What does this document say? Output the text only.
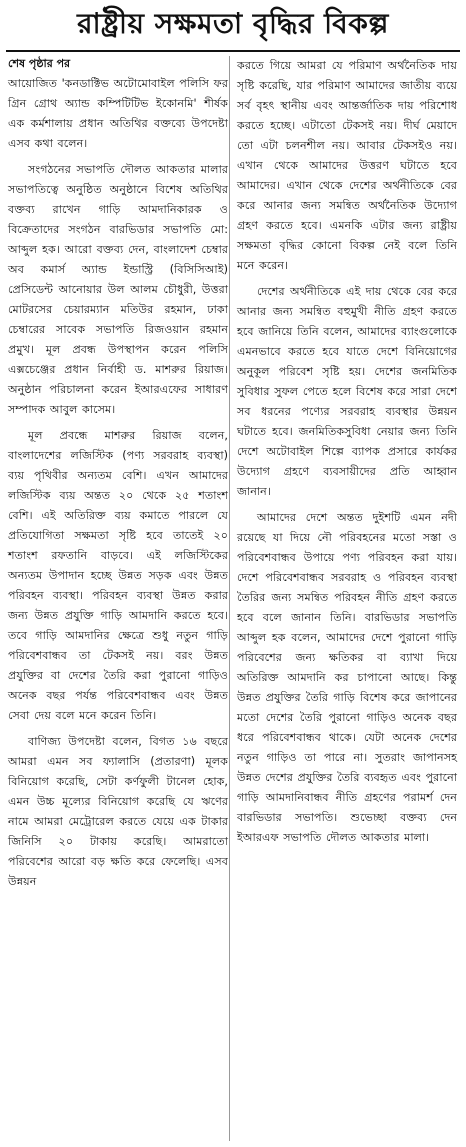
রাষ্ট্রীয় সক্ষমতা বৃদ্ধির বিকল্প
শেষ পৃষ্ঠার পর

আয়োজিত 'কনডাক্টিভ অটোমোবাইল পলিসি ফর গ্রিন গ্রোথ অ্যান্ড কম্পিটিটিভ ইকোনমি' শীর্ষক এক কর্মশালায় প্রধান অতিথির বক্তব্যে উপদেষ্টা এসব কথা বলেন।

সংগঠনের সভাপতি দৌলত আকতার মালার সভাপতিত্বে অনুষ্ঠিত অনুষ্ঠানে বিশেষ অতিথির বক্তব্য রাখেন গাড়ি আমদানিকারক ও বিক্রেতাদের সংগঠন বারভিডার সভাপতি মো: আব্দুল হক। আরো বক্তব্য দেন, বাংলাদেশ চেম্বার অব কমার্স অ্যান্ড ইন্ডাস্ট্রি (বিসিসিআই) প্রেসিডেন্ট আনোয়ার উল আলম চৌধুরী, উত্তরা মোটরসের চেয়ারম্যান মতিউর রহমান, ঢাকা চেম্বারের সাবেক সভাপতি রিজওয়ান রহমান প্রমুখ। মূল প্রবন্ধ উপস্থাপন করেন পলিসি এক্সচেঞ্জের প্রধান নির্বাহী ড. মাশরুর রিয়াজ। অনুষ্ঠান পরিচালনা করেন ইআরএফের সাধারণ সম্পাদক আবুল কাসেম।

মূল প্রবন্ধে মাশরুর রিয়াজ বলেন, বাংলাদেশের লজিস্টিক (পণ্য সরবরাহ ব্যবস্থা) ব্যয় পৃথিবীর অন্যতম বেশি। এখন আমাদের লজিস্টিক ব্যয় অন্তত ২০ থেকে ২৫ শতাংশ বেশি। এই অতিরিক্ত ব্যয় কমাতে পারলে যে প্রতিযোগিতা সক্ষমতা সৃষ্টি হবে তাতেই ২০ শতাংশ রফতানি বাড়বে। এই লজিস্টিকের অন্যতম উপাদান হচ্ছে উন্নত সড়ক এবং উন্নত পরিবহন ব্যবস্থা। পরিবহন ব্যবস্থা উন্নত করার জন্য উন্নত প্রযুক্তি গাড়ি আমদানি করতে হবে। তবে গাড়ি আমদানির ক্ষেত্রে শুধু নতুন গাড়ি পরিবেশবান্ধব তা টেকসই নয়। বরং উন্নত প্রযুক্তির বা দেশের তৈরি করা পুরানো গাড়িও অনেক বছর পর্যন্ত পরিবেশবান্ধব এবং উন্নত সেবা দেয় বলে মনে করেন তিনি।

বাণিজ্য উপদেষ্টা বলেন, বিগত ১৬ বছরে আমরা এমন সব ফ্যালাসি (প্রতারণা) মূলক বিনিয়োগ করেছি, সেটা কর্ণফুলী টানেল হোক, এমন উচ্চ মূল্যের বিনিয়োগ করেছি যে ঋণের নামে আমরা মেট্রোরেল করতে যেয়ে এক টাকার জিনিসি ২০ টাকায় করেছি। আমরাতো পরিবেশের আরো বড় ক্ষতি করে ফেলেছি। এসব উন্নয়ন

করতে গিয়ে আমরা যে পরিমাণ অর্থনৈতিক দায় সৃষ্টি করেছি, যার পরিমাণ আমাদের জাতীয় ব্যয়ে সর্ব বৃহৎ স্থানীয় এবং আন্তর্জাতিক দায় পরিশোধ করতে হচ্ছে। এটাতো টেকসই নয়। দীর্ঘ মেয়াদে তো এটা চলনশীল নয়। আবার টেকসইও নয়। এখান থেকে আমাদের উত্তরণ ঘটাতে হবে আমাদের। এখান থেকে দেশের অর্থনীতিকে বের করে আনার জন্য সমন্বিত অর্থনৈতিক উদ্যোগ গ্রহণ করতে হবে। এমনকি এটার জন্য রাষ্ট্রীয় সক্ষমতা বৃদ্ধির কোনো বিকল্প নেই বলে তিনি মনে করেন।

দেশের অর্থনীতিকে এই দায় থেকে বের করে আনার জন্য সমন্বিত বহুমুখী নীতি গ্রহণ করতে হবে জানিয়ে তিনি বলেন, আমাদের ব্যাংগুলোকে এমনভাবে করতে হবে যাতে দেশে বিনিয়োগের অনুকূল পরিবেশ সৃষ্টি হয়। দেশের জনমিতিক সুবিধার সুফল পেতে হলে বিশেষ করে সারা দেশে সব ধরনের পণ্যের সরবরাহ ব্যবস্থার উন্নয়ন ঘটাতে হবে। জনমিতিকসুবিধা নেয়ার জন্য তিনি দেশে অটোবাইল শিল্পে ব্যাপক প্রসারে কার্যকর উদ্যোগ গ্রহণে ব্যবসায়ীদের প্রতি আহ্বান জানান।

আমাদের দেশে অন্তত দুইশটি এমন নদী রয়েছে যা দিয়ে নৌ পরিবহনের মতো সস্তা ও পরিবেশবান্ধব উপায়ে পণ্য পরিবহন করা যায়। দেশে পরিবেশবান্ধব সরবরাহ ও পরিবহন ব্যবস্থা তৈরির জন্য সমন্বিত পরিবহন নীতি গ্রহণ করতে হবে বলে জানান তিনি। বারভিডার সভাপতি আব্দুল হক বলেন, আমাদের দেশে পুরানো গাড়ি পরিবেশের জন্য ক্ষতিকর বা ব্যাখা দিয়ে অতিরিক্ত আমদানি কর চাপানো আছে। কিন্তু উন্নত প্রযুক্তির তৈরি গাড়ি বিশেষ করে জাপানের মতো দেশের তৈরি পুরানো গাড়িও অনেক বছর ধরে পরিবেশবান্ধব থাকে। যেটা অনেক দেশের নতুন গাড়িও তা পারে না। সুতরাং জাপানসহ উন্নত দেশের প্রযুক্তির তৈরি ব্যবহৃত এবং পুরানো গাড়ি আমদানিবান্ধব নীতি গ্রহণের পরামর্শ দেন বারভিডার সভাপতি। শুভেচ্ছা বক্তব্য দেন ইআরএফ সভাপতি দৌলত আকতার মালা।
